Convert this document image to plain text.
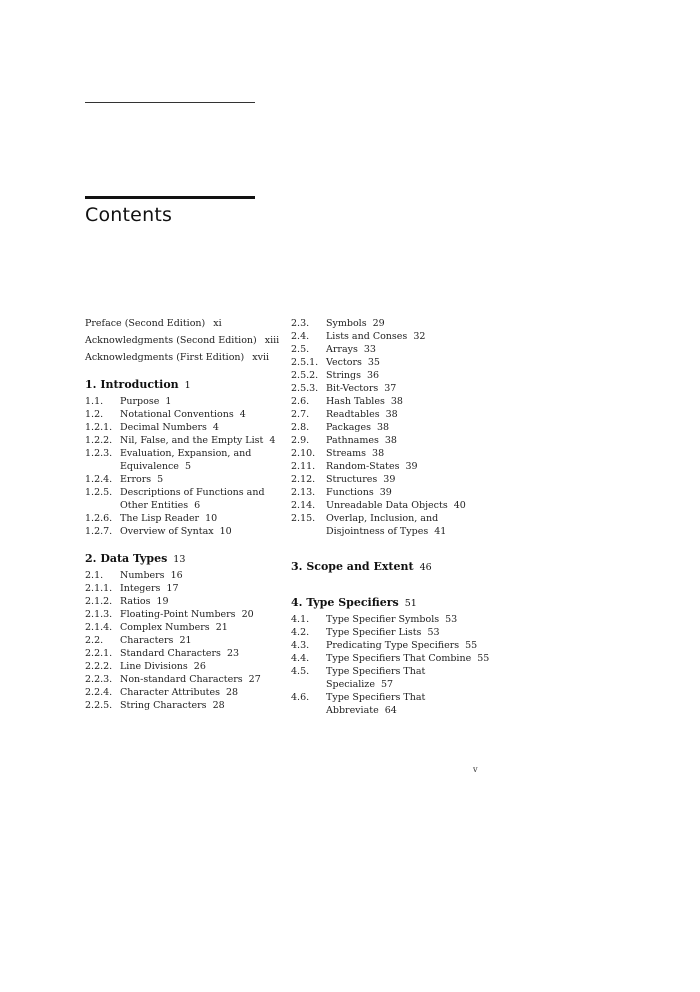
Contents
Preface (Second Edition) xi
Acknowledgments (Second Edition) xiii
Acknowledgments (First Edition) xvii
1. Introduction 1
1.1.	Purpose 1
1.2.	Notational Conventions 4
1.2.1. Decimal Numbers 4
1.2.2. Nil, False, and the Empty List 4
1.2.3. Evaluation, Expansion, and Equivalence 5
1.2.4. Errors 5
1.2.5. Descriptions of Functions and Other Entities 6
1.2.6. The Lisp Reader 10
1.2.7. Overview of Syntax 10
2. Data Types 13
2.1.	Numbers 16
2.1.1. Integers 17
2.1.2. Ratios 19
2.1.3. Floating-Point Numbers 20
2.1.4. Complex Numbers 21
2.2.	Characters 21
2.2.1. Standard Characters 23
2.2.2. Line Divisions 26
2.2.3. Non-standard Characters 27
2.2.4. Character Attributes 28
2.2.5. String Characters 28
2.3.	Symbols 29
2.4.	Lists and Conses 32
2.5.	Arrays 33
2.5.1. Vectors 35
2.5.2. Strings 36
2.5.3. Bit-Vectors 37
2.6.	Hash Tables 38
2.7.	Readtables 38
2.8.	Packages 38
2.9.	Pathnames 38
2.10.	Streams 38
2.11.	Random-States 39
2.12.	Structures 39
2.13.	Functions 39
2.14.	Unreadable Data Objects 40
2.15.	Overlap, Inclusion, and Disjointness of Types 41
3. Scope and Extent 46
4. Type Specifiers 51
4.1.	Type Specifier Symbols 53
4.2.	Type Specifier Lists 53
4.3.	Predicating Type Specifiers 55
4.4.	Type Specifiers That Combine 55
4.5.	Type Specifiers That Specialize 57
4.6.	Type Specifiers That Abbreviate 64
v
